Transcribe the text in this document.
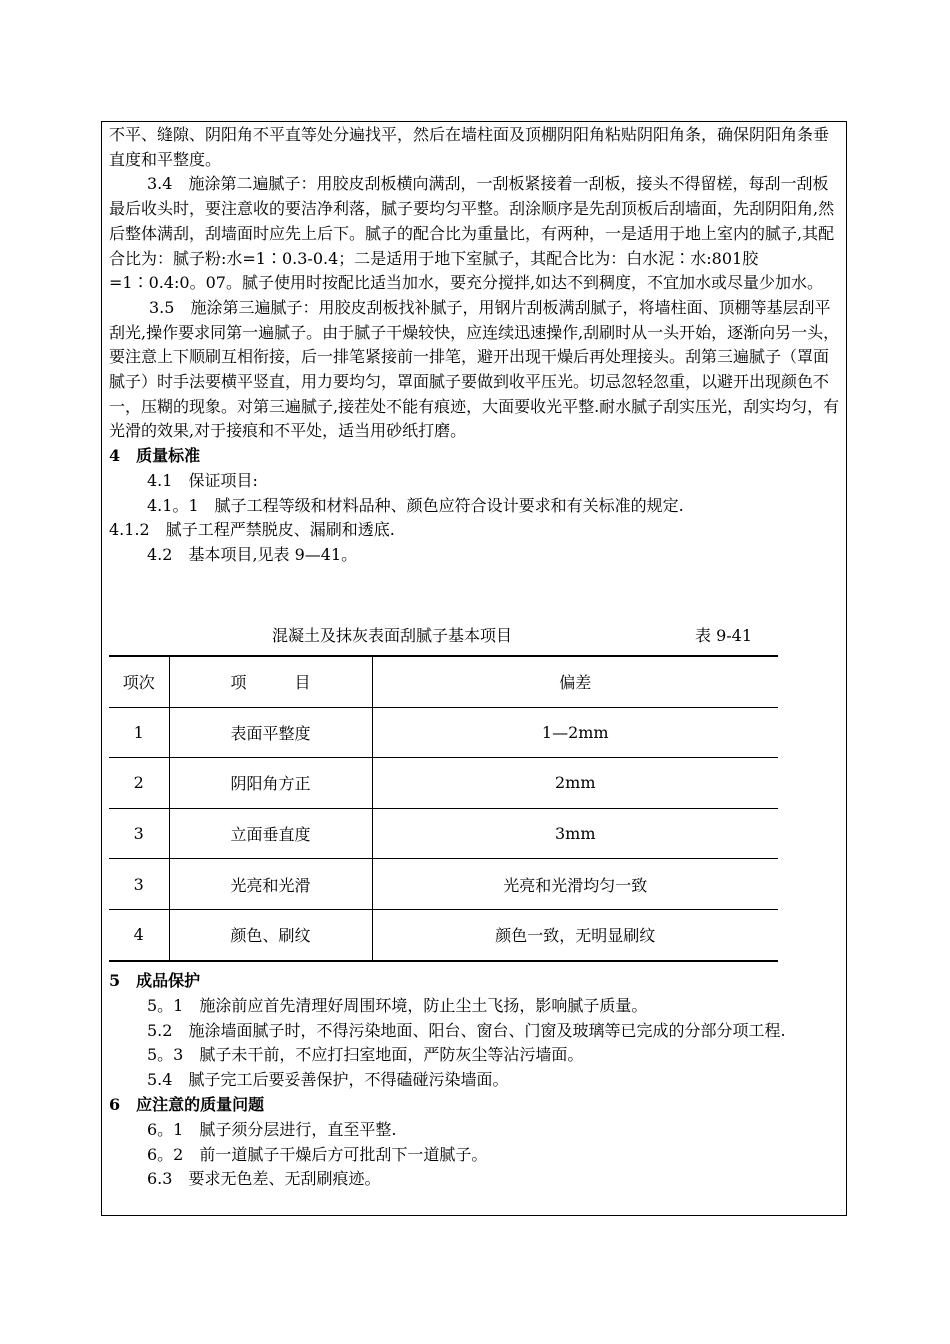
不平、缝隙、阴阳角不平直等处分遍找平，然后在墙柱面及顶棚阴阳角粘贴阴阳角条，确保阴阳角条垂直度和平整度。

3.4　施涂第二遍腻子：用胶皮刮板横向满刮，一刮板紧接着一刮板，接头不得留槎，每刮一刮板最后收头时，要注意收的要洁净利落，腻子要均匀平整。刮涂顺序是先刮顶板后刮墙面，先刮阴阳角,然后整体满刮，刮墙面时应先上后下。腻子的配合比为重量比，有两种，一是适用于地上室内的腻子,其配合比为：腻子粉:水=1∶0.3-0.4；二是适用于地下室腻子，其配合比为：白水泥∶水:801胶=1∶0.4:0。07。腻子使用时按配比适当加水，要充分搅拌,如达不到稠度，不宜加水或尽量少加水。

3.5　施涂第三遍腻子：用胶皮刮板找补腻子，用钢片刮板满刮腻子，将墙柱面、顶棚等基层刮平刮光,操作要求同第一遍腻子。由于腻子干燥较快，应连续迅速操作,刮刷时从一头开始，逐渐向另一头，要注意上下顺刷互相衔接，后一排笔紧接前一排笔，避开出现干燥后再处理接头。刮第三遍腻子（罩面腻子）时手法要横平竖直，用力要均匀，罩面腻子要做到收平压光。切忌忽轻忽重，以避开出现颜色不一，压糊的现象。对第三遍腻子,接茬处不能有痕迹，大面要收光平整.耐水腻子刮实压光，刮实均匀，有光滑的效果,对于接痕和不平处，适当用砂纸打磨。

4　质量标准

4.1　保证项目:

4.1。1　腻子工程等级和材料品种、颜色应符合设计要求和有关标准的规定.

4.1.2　腻子工程严禁脱皮、漏刷和透底.

4.2　基本项目,见表 9—41。

混凝土及抹灰表面刮腻子基本项目	表 9-41
项次	项　　　目	偏差
1	表面平整度	1—2mm
2	阴阳角方正	2mm
3	立面垂直度	3mm
3	光亮和光滑	光亮和光滑均匀一致
4	颜色、刷纹	颜色一致，无明显刷纹

5　成品保护

5。1　施涂前应首先清理好周围环境，防止尘土飞扬，影响腻子质量。

5.2　施涂墙面腻子时，不得污染地面、阳台、窗台、门窗及玻璃等已完成的分部分项工程.

5。3　腻子未干前，不应打扫室地面，严防灰尘等沾污墙面。

5.4　腻子完工后要妥善保护，不得磕碰污染墙面。

6　应注意的质量问题

6。1　腻子须分层进行，直至平整.

6。2　前一道腻子干燥后方可批刮下一道腻子。

6.3　要求无色差、无刮刷痕迹。
